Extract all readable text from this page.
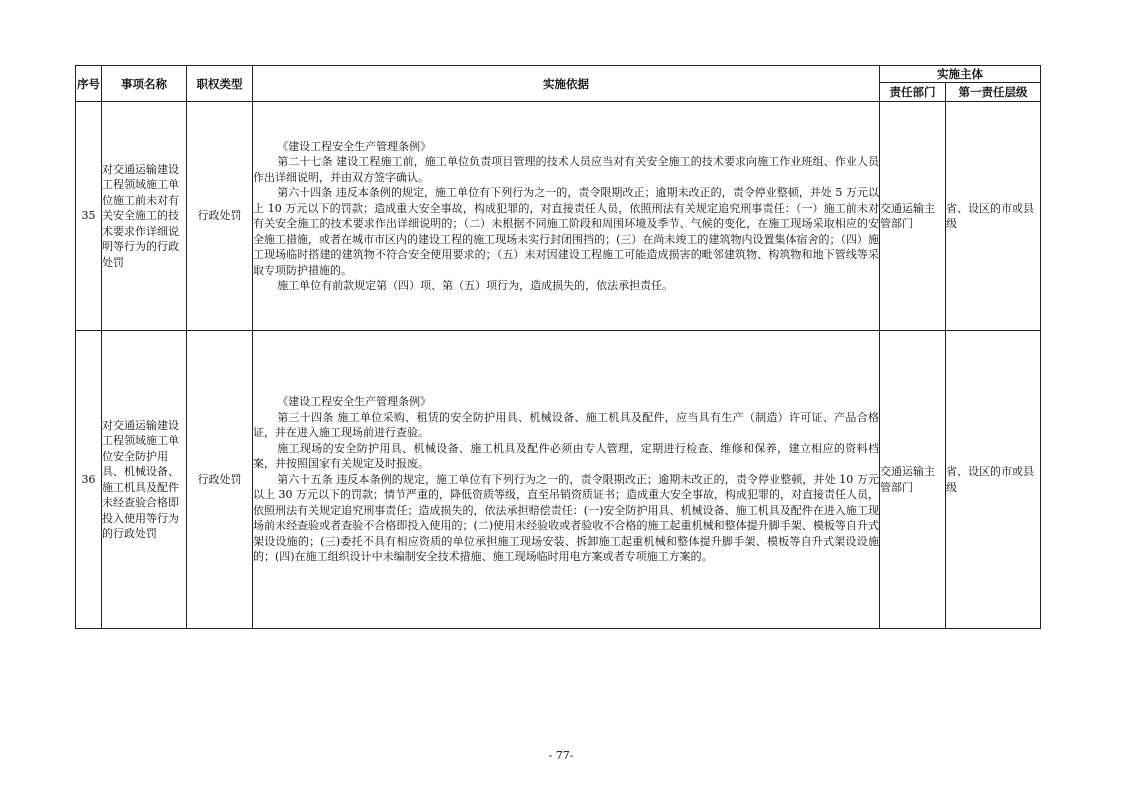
序号	事项名称	职权类型	实施依据	实施主体	
				责任部门	第一责任层级
35	对交通运输建设工程领域施工单位施工前未对有关安全施工的技术要求作详细说明等行为的行政处罚	行政处罚	《建设工程安全生产管理条例》

第二十七条 建设工程施工前，施工单位负责项目管理的技术人员应当对有关安全施工的技术要求向施工作业班组、作业人员作出详细说明，并由双方签字确认。

第六十四条 违反本条例的规定，施工单位有下列行为之一的，责令限期改正；逾期未改正的，责令停业整顿，并处 5 万元以上 10 万元以下的罚款；造成重大安全事故，构成犯罪的，对直接责任人员，依照刑法有关规定追究刑事责任：（一）施工前未对有关安全施工的技术要求作出详细说明的；（二）未根据不同施工阶段和周围环境及季节、气候的变化，在施工现场采取相应的安全施工措施，或者在城市市区内的建设工程的施工现场未实行封闭围挡的；(三）在尚未竣工的建筑物内设置集体宿舍的；（四）施工现场临时搭建的建筑物不符合安全使用要求的；（五）未对因建设工程施工可能造成损害的毗邻建筑物、构筑物和地下管线等采取专项防护措施的。

施工单位有前款规定第（四）项、第（五）项行为，造成损失的，依法承担责任。	交通运输主管部门	省、设区的市或县级
36	对交通运输建设工程领域施工单位安全防护用具、机械设备、施工机具及配件未经查验合格即投入使用等行为的行政处罚	行政处罚	《建设工程安全生产管理条例》

第三十四条 施工单位采购、租赁的安全防护用具、机械设备、施工机具及配件，应当具有生产（制造）许可证、产品合格证，并在进入施工现场前进行查验。

施工现场的安全防护用具、机械设备、施工机具及配件必须由专人管理，定期进行检查、维修和保养，建立相应的资料档案，并按照国家有关规定及时报废。

第六十五条 违反本条例的规定，施工单位有下列行为之一的，责令限期改正；逾期未改正的，责令停业整顿，并处 10 万元以上 30 万元以下的罚款；情节严重的，降低资质等级，直至吊销资质证书；造成重大安全事故，构成犯罪的，对直接责任人员，依照刑法有关规定追究刑事责任；造成损失的，依法承担赔偿责任：(一)安全防护用具、机械设备、施工机具及配件在进入施工现场前未经查验或者查验不合格即投入使用的；(二)使用未经验收或者验收不合格的施工起重机械和整体提升脚手架、模板等自升式架设设施的；(三)委托不具有相应资质的单位承担施工现场安装、拆卸施工起重机械和整体提升脚手架、模板等自升式架设设施的；(四)在施工组织设计中未编制安全技术措施、施工现场临时用电方案或者专项施工方案的。	交通运输主管部门	省、设区的市或县级
- 77-
